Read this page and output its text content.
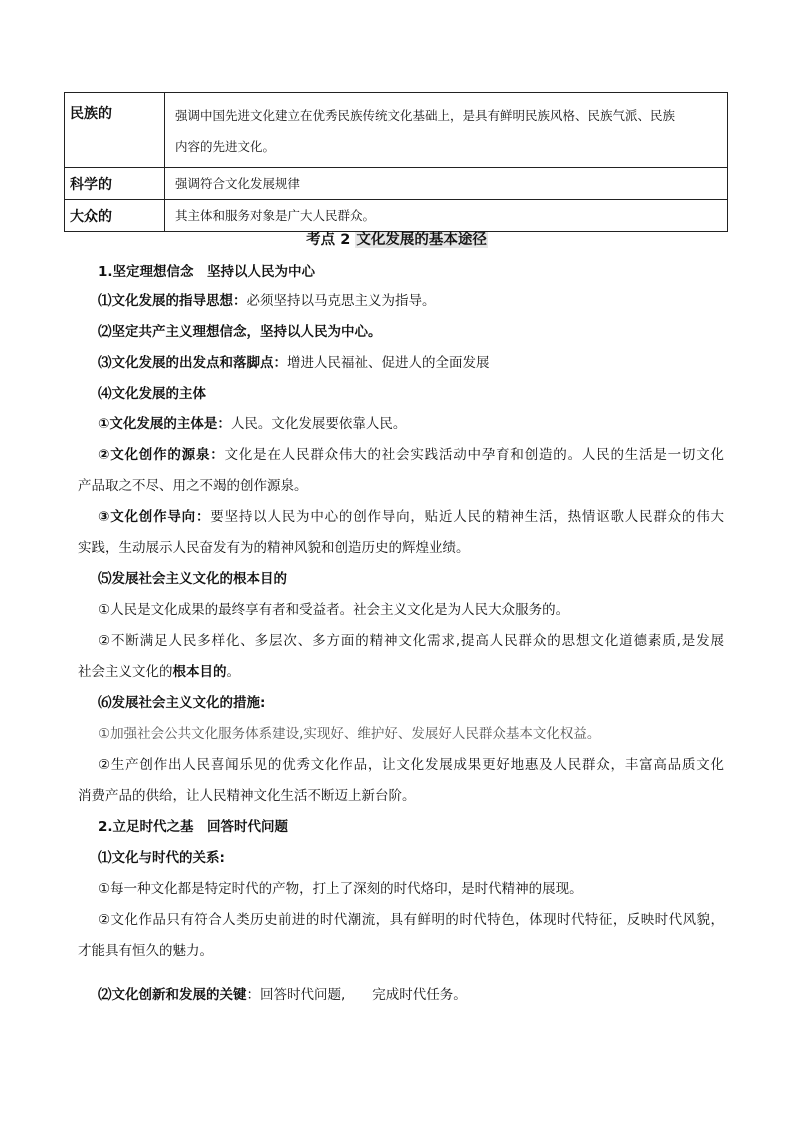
民族的	强调中国先进文化建立在优秀民族传统文化基础上，是具有鲜明民族风格、民族气派、民族
内容的先进文化。
科学的	强调符合文化发展规律
大众的	其主体和服务对象是广大人民群众。
考点 2 文化发展的基本途径

1.坚定理想信念　坚持以人民为中心

⑴文化发展的指导思想：必须坚持以马克思主义为指导。

⑵坚定共产主义理想信念，坚持以人民为中心。

⑶文化发展的出发点和落脚点：增进人民福祉、促进人的全面发展

⑷文化发展的主体

①文化发展的主体是：人民。文化发展要依靠人民。

②文化创作的源泉：文化是在人民群众伟大的社会实践活动中孕育和创造的。人民的生活是一切文化

产品取之不尽、用之不竭的创作源泉。

③文化创作导向：要坚持以人民为中心的创作导向，贴近人民的精神生活，热情讴歌人民群众的伟大

实践，生动展示人民奋发有为的精神风貌和创造历史的辉煌业绩。

⑸发展社会主义文化的根本目的

①人民是文化成果的最终享有者和受益者。社会主义文化是为人民大众服务的。

②不断满足人民多样化、多层次、多方面的精神文化需求,提高人民群众的思想文化道德素质,是发展

社会主义文化的根本目的。

⑹发展社会主义文化的措施:

①加强社会公共文化服务体系建设,实现好、维护好、发展好人民群众基本文化权益。

②生产创作出人民喜闻乐见的优秀文化作品，让文化发展成果更好地惠及人民群众，丰富高品质文化

消费产品的供给，让人民精神文化生活不断迈上新台阶。

2.立足时代之基　回答时代问题

⑴文化与时代的关系:

①每一种文化都是特定时代的产物，打上了深刻的时代烙印，是时代精神的展现。

②文化作品只有符合人类历史前进的时代潮流，具有鲜明的时代特色，体现时代特征，反映时代风貌，

才能具有恒久的魅力。

⑵文化创新和发展的关键：回答时代问题,　　完成时代任务。
